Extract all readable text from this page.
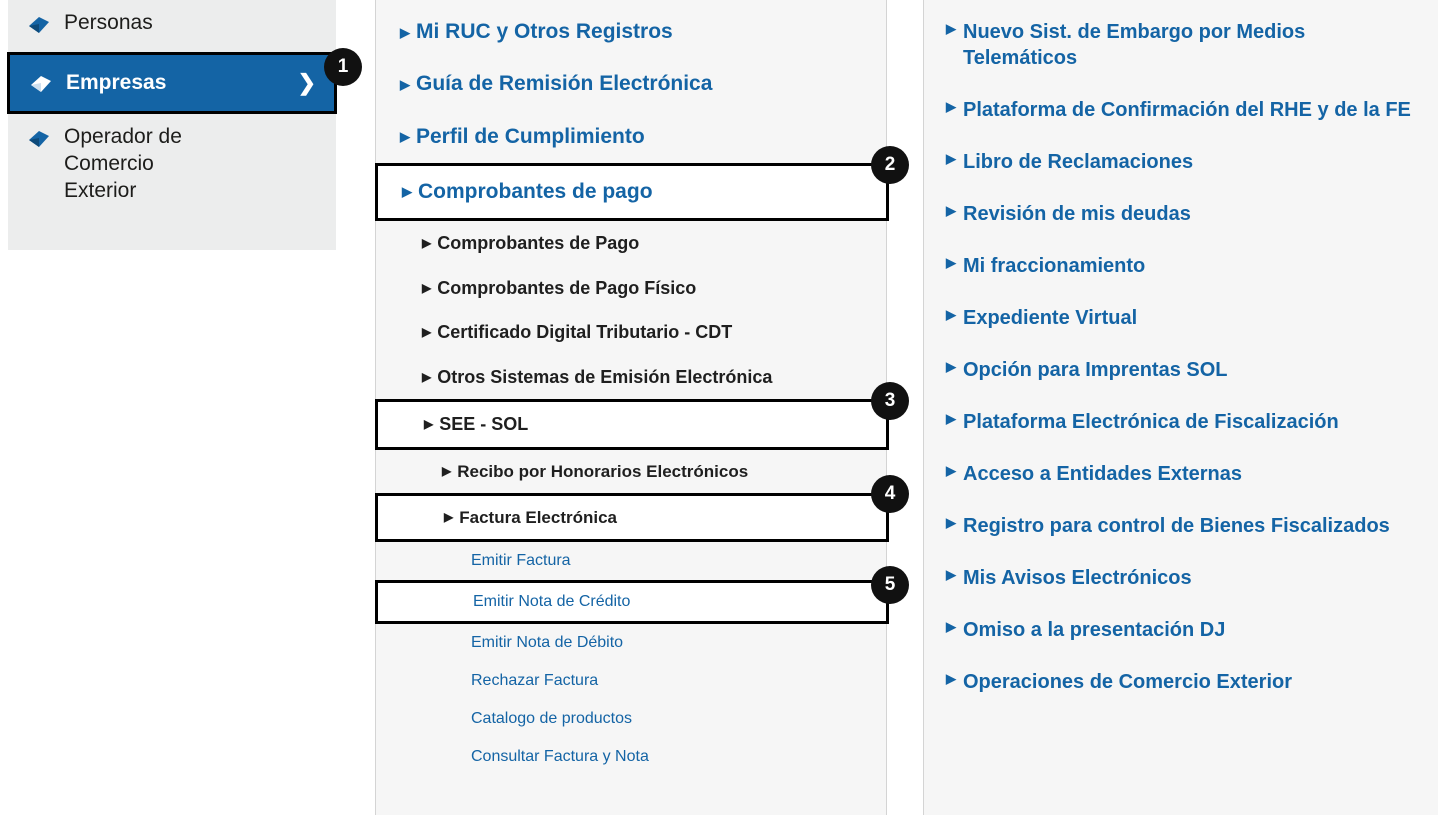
Personas
Empresas	❯
Operador de Comercio Exterior
▶ Mi RUC y Otros Registros
▶ Guía de Remisión Electrónica
▶ Perfil de Cumplimiento
▶ Comprobantes de pago
▶ Comprobantes de Pago
▶ Comprobantes de Pago Físico
▶ Certificado Digital Tributario - CDT
▶ Otros Sistemas de Emisión Electrónica
▶ SEE - SOL
▶ Recibo por Honorarios Electrónicos
▶ Factura Electrónica
Emitir Factura
Emitir Nota de Crédito
Emitir Nota de Débito
Rechazar Factura
Catalogo de productos
Consultar Factura y Nota
▶ Nuevo Sist. de Embargo por Medios Telemáticos
▶ Plataforma de Confirmación del RHE y de la FE
▶ Libro de Reclamaciones
▶ Revisión de mis deudas
▶ Mi fraccionamiento
▶ Expediente Virtual
▶ Opción para Imprentas SOL
▶ Plataforma Electrónica de Fiscalización
▶ Acceso a Entidades Externas
▶ Registro para control de Bienes Fiscalizados
▶ Mis Avisos Electrónicos
▶ Omiso a la presentación DJ
▶ Operaciones de Comercio Exterior
1
2
3
4
5
